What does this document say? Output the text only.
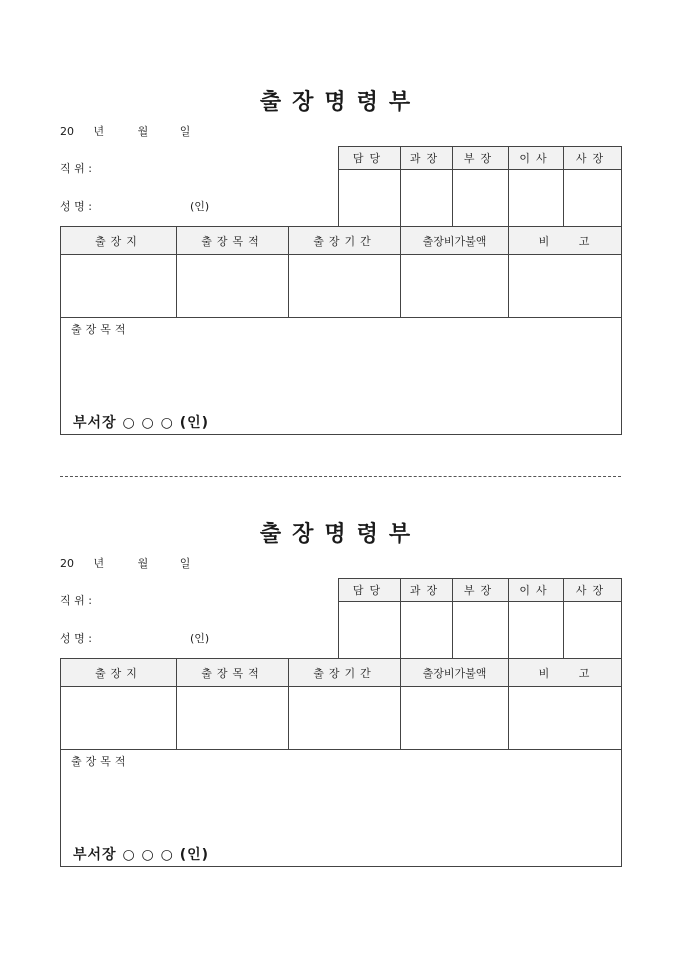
출장명령부
20 년	월	일
직 위 :
성 명 :	(인)
담당	과장	부장	이사	사장

출장지	출장목적	출장기간	출장비가불액	비     고

출장목적
부서장 ○ ○ ○ (인)				
출장명령부
20 년	월	일
직 위 :
성 명 :	(인)
담당	과장	부장	이사	사장

출장지	출장목적	출장기간	출장비가불액	비     고

출장목적
부서장 ○ ○ ○ (인)				
